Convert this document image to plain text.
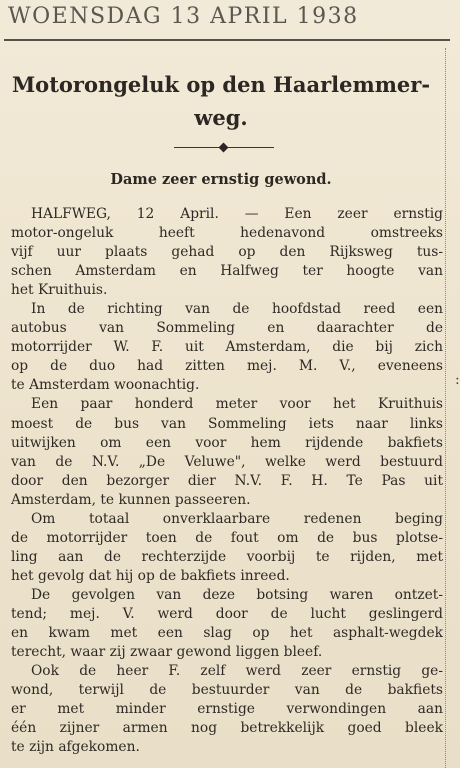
WOENSDAG 13 APRIL 1938
:
Motorongeluk op den Haarlemmer-
weg.
Dame zeer ernstig gewond.
HALFWEG, 12 April. — Een zeer ernstig
motor-ongeluk heeft hedenavond omstreeks
vijf uur plaats gehad op den Rijksweg tus-
schen Amsterdam en Halfweg ter hoogte van
het Kruithuis.
In de richting van de hoofdstad reed een
autobus van Sommeling en daarachter de
motorrijder W. F. uit Amsterdam, die bij zich
op de duo had zitten mej. M. V., eveneens
te Amsterdam woonachtig.
Een paar honderd meter voor het Kruithuis
moest de bus van Sommeling iets naar links
uitwijken om een voor hem rijdende bakfiets
van de N.V. „De Veluwe", welke werd bestuurd
door den bezorger dier N.V. F. H. Te Pas uit
Amsterdam, te kunnen passeeren.
Om totaal onverklaarbare redenen beging
de motorrijder toen de fout om de bus plotse-
ling aan de rechterzijde voorbij te rijden, met
het gevolg dat hij op de bakfiets inreed.
De gevolgen van deze botsing waren ontzet-
tend; mej. V. werd door de lucht geslingerd
en kwam met een slag op het asphalt-wegdek
terecht, waar zij zwaar gewond liggen bleef.
Ook de heer F. zelf werd zeer ernstig ge-
wond, terwijl de bestuurder van de bakfiets
er met minder ernstige verwondingen aan
één zijner armen nog betrekkelijk goed bleek
te zijn afgekomen.
